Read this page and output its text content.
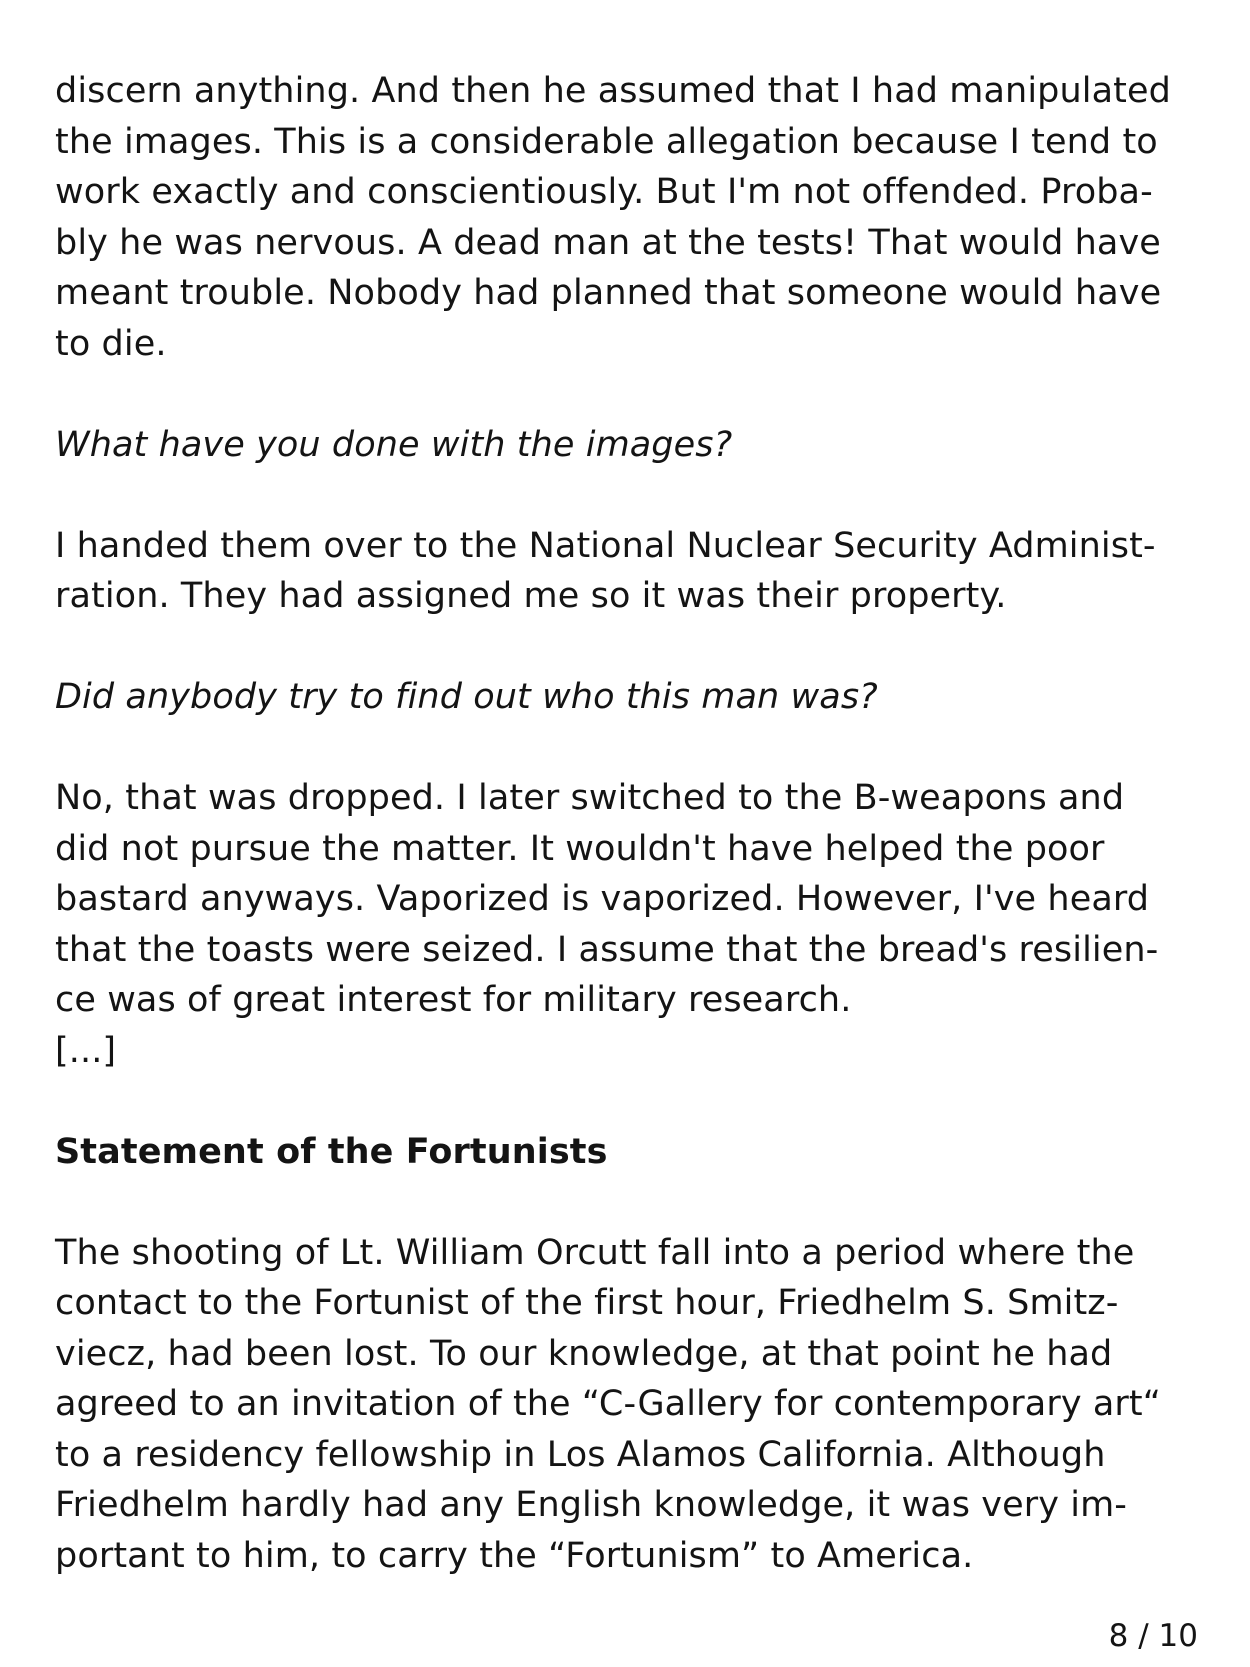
discern anything. And then he assumed that I had manipulated
the images. This is a considerable allegation because I tend to
work exactly and conscientiously. But I'm not offended. Proba-
bly he was nervous. A dead man at the tests! That would have
meant trouble. Nobody had planned that someone would have
to die.
What have you done with the images?
I handed them over to the National Nuclear Security Administ-
ration. They had assigned me so it was their property.
Did anybody try to find out who this man was?
No, that was dropped. I later switched to the B-weapons and
did not pursue the matter. It wouldn't have helped the poor
bastard anyways. Vaporized is vaporized. However, I've heard
that the toasts were seized. I assume that the bread's resilien-
ce was of great interest for military research.
[...]
Statement of the Fortunists
The shooting of Lt. William Orcutt fall into a period where the
contact to the Fortunist of the first hour, Friedhelm S. Smitz-
viecz, had been lost. To our knowledge, at that point he had
agreed to an invitation of the “C-Gallery for contemporary art“
to a residency fellowship in Los Alamos California. Although
Friedhelm hardly had any English knowledge, it was very im-
portant to him, to carry the “Fortunism” to America.
8 / 10
